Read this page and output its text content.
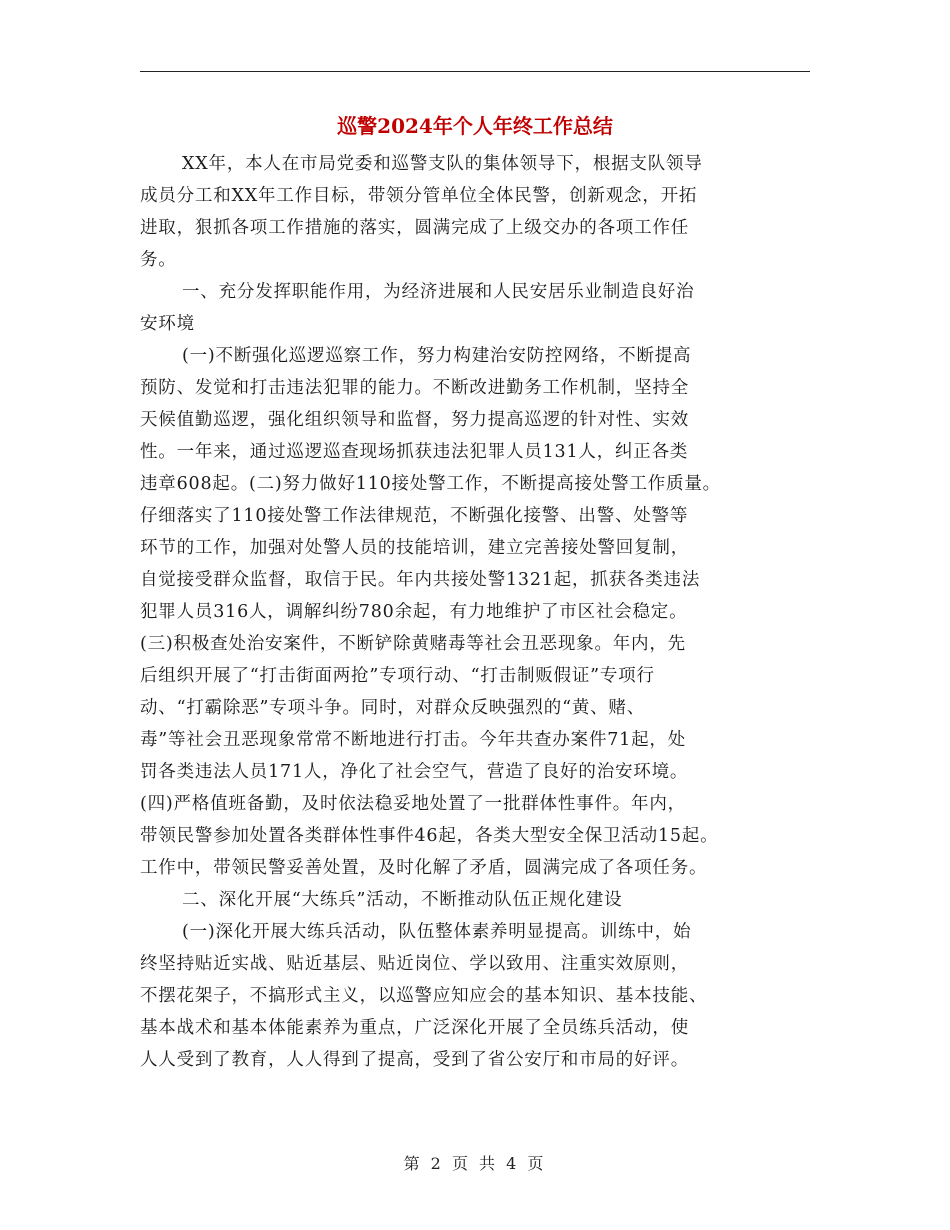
巡警2024年个人年终工作总结
XX年，本人在市局党委和巡警支队的集体领导下，根据支队领导
成员分工和XX年工作目标，带领分管单位全体民警，创新观念，开拓
进取，狠抓各项工作措施的落实，圆满完成了上级交办的各项工作任
务。
一、充分发挥职能作用，为经济进展和人民安居乐业制造良好治
安环境
(一)不断强化巡逻巡察工作，努力构建治安防控网络，不断提高
预防、发觉和打击违法犯罪的能力。不断改进勤务工作机制，坚持全
天候值勤巡逻，强化组织领导和监督，努力提高巡逻的针对性、实效
性。一年来，通过巡逻巡查现场抓获违法犯罪人员131人，纠正各类
违章608起。(二)努力做好110接处警工作，不断提高接处警工作质量。
仔细落实了110接处警工作法律规范，不断强化接警、出警、处警等
环节的工作，加强对处警人员的技能培训，建立完善接处警回复制，
自觉接受群众监督，取信于民。年内共接处警1321起，抓获各类违法
犯罪人员316人，调解纠纷780余起，有力地维护了市区社会稳定。
(三)积极查处治安案件，不断铲除黄赌毒等社会丑恶现象。年内，先
后组织开展了“打击街面两抢”专项行动、“打击制贩假证”专项行
动、“打霸除恶”专项斗争。同时，对群众反映强烈的“黄、赌、
毒”等社会丑恶现象常常不断地进行打击。今年共查办案件71起，处
罚各类违法人员171人，净化了社会空气，营造了良好的治安环境。
(四)严格值班备勤，及时依法稳妥地处置了一批群体性事件。年内，
带领民警参加处置各类群体性事件46起，各类大型安全保卫活动15起。
工作中，带领民警妥善处置，及时化解了矛盾，圆满完成了各项任务。
二、深化开展“大练兵”活动，不断推动队伍正规化建设
(一)深化开展大练兵活动，队伍整体素养明显提高。训练中，始
终坚持贴近实战、贴近基层、贴近岗位、学以致用、注重实效原则，
不摆花架子，不搞形式主义，以巡警应知应会的基本知识、基本技能、
基本战术和基本体能素养为重点，广泛深化开展了全员练兵活动，使
人人受到了教育，人人得到了提高，受到了省公安厅和市局的好评。
第 2 页 共 4 页
